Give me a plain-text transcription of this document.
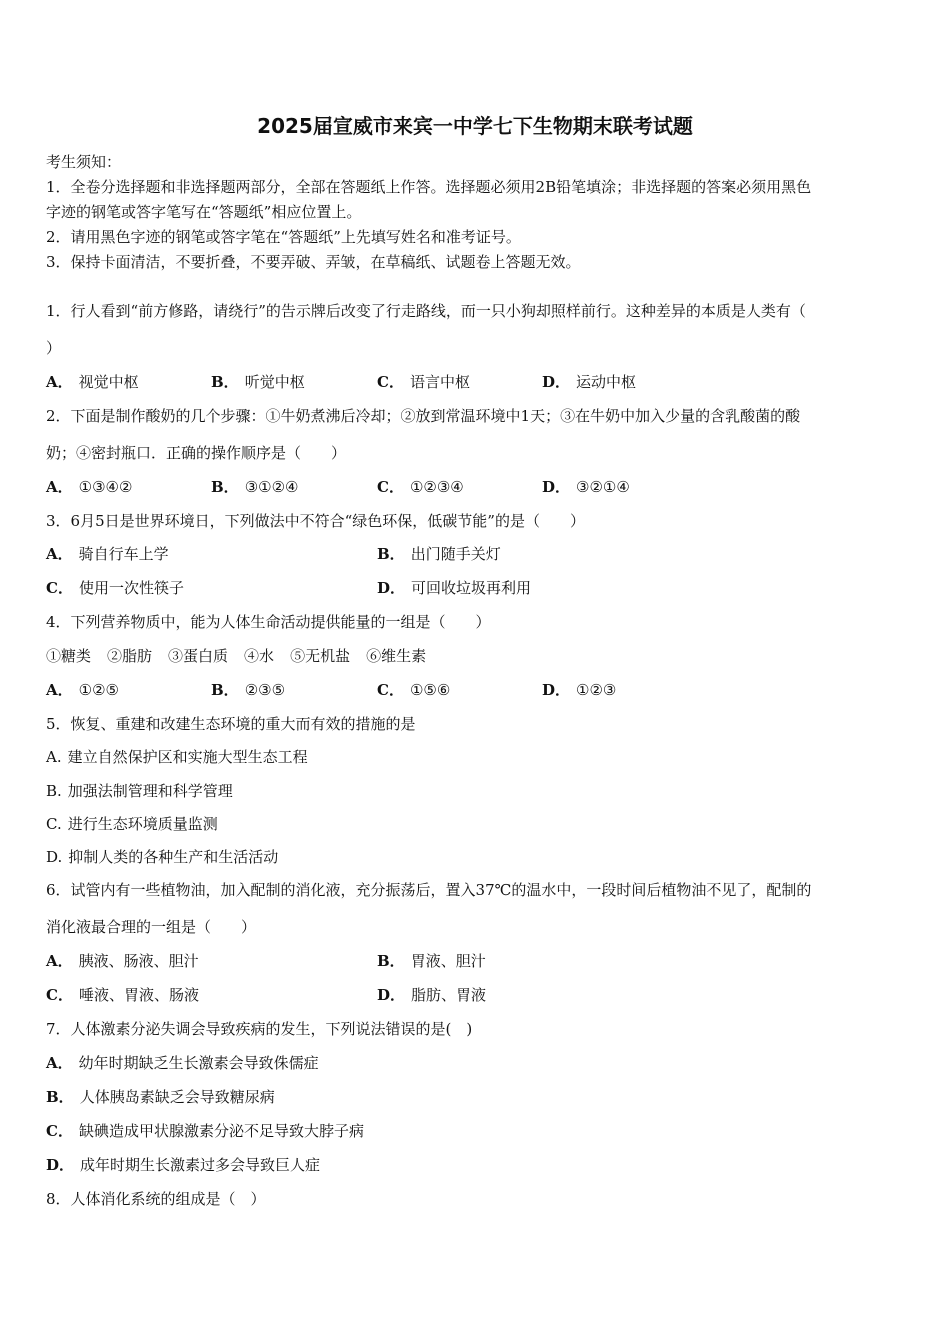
2025届宣威市来宾一中学七下生物期末联考试题
考生须知：
1．全卷分选择题和非选择题两部分，全部在答题纸上作答。选择题必须用2B铅笔填涂；非选择题的答案必须用黑色
字迹的钢笔或答字笔写在“答题纸”相应位置上。
2．请用黑色字迹的钢笔或答字笔在“答题纸”上先填写姓名和准考证号。
3．保持卡面清洁，不要折叠，不要弄破、弄皱，在草稿纸、试题卷上答题无效。
1．行人看到“前方修路，请绕行”的告示牌后改变了行走路线，而一只小狗却照样前行。这种差异的本质是人类有（
）
A． 视觉中枢	B． 听觉中枢	C． 语言中枢	D． 运动中枢
2．下面是制作酸奶的几个步骤：①牛奶煮沸后冷却；②放到常温环境中1天；③在牛奶中加入少量的含乳酸菌的酸
奶；④密封瓶口．正确的操作顺序是（　　）
A． ①③④②	B． ③①②④	C． ①②③④	D． ③②①④
3．6月5日是世界环境日，下列做法中不符合“绿色环保，低碳节能”的是（　　）
A． 骑自行车上学	B． 出门随手关灯
C． 使用一次性筷子	D． 可回收垃圾再利用
4．下列营养物质中，能为人体生命活动提供能量的一组是（　　）
①糖类 ②脂肪 ③蛋白质 ④水 ⑤无机盐 ⑥维生素
A． ①②⑤	B． ②③⑤	C． ①⑤⑥	D． ①②③
5．恢复、重建和改建生态环境的重大而有效的措施的是
A. 建立自然保护区和实施大型生态工程
B. 加强法制管理和科学管理
C. 进行生态环境质量监测
D. 抑制人类的各种生产和生活活动
6．试管内有一些植物油，加入配制的消化液，充分振荡后，置入37℃的温水中，一段时间后植物油不见了，配制的
消化液最合理的一组是（　　）
A． 胰液、肠液、胆汁	B． 胃液、胆汁
C． 唾液、胃液、肠液	D． 脂肪、胃液
7．人体激素分泌失调会导致疾病的发生，下列说法错误的是(　)
A． 幼年时期缺乏生长激素会导致侏儒症
B． 人体胰岛素缺乏会导致糖尿病
C． 缺碘造成甲状腺激素分泌不足导致大脖子病
D． 成年时期生长激素过多会导致巨人症
8．人体消化系统的组成是（　）
